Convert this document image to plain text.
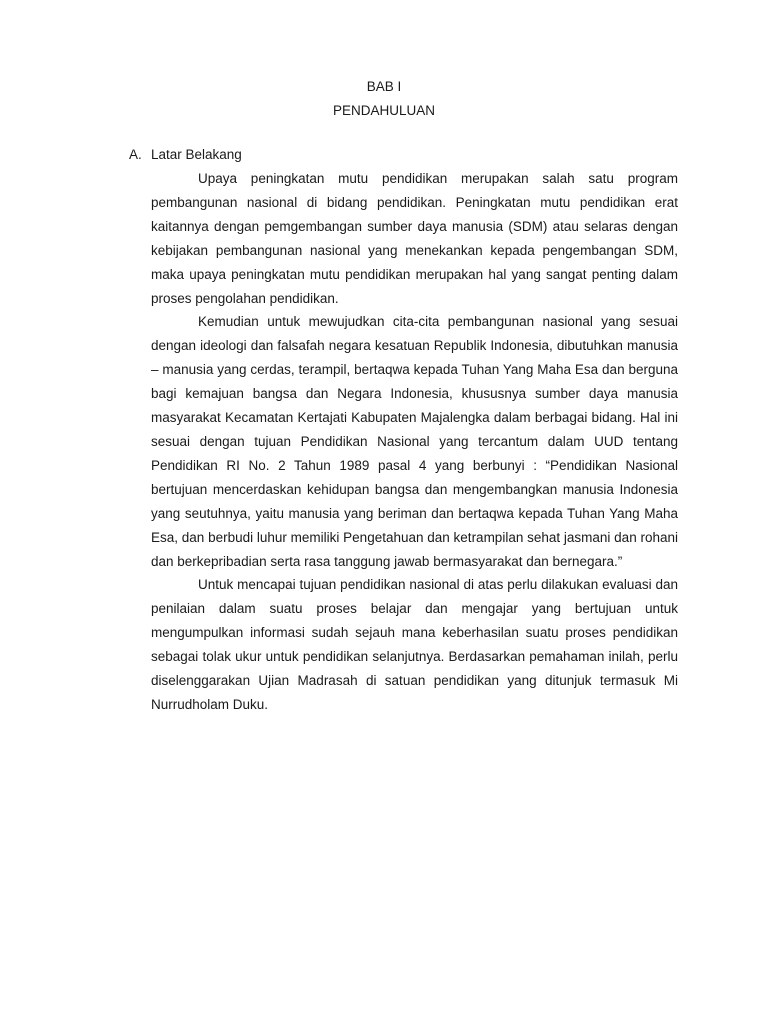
BAB I
PENDAHULUAN
A. Latar Belakang

Upaya peningkatan mutu pendidikan merupakan salah satu program pembangunan nasional di bidang pendidikan. Peningkatan mutu pendidikan erat kaitannya dengan pemgembangan sumber daya manusia (SDM) atau selaras dengan kebijakan pembangunan nasional yang menekankan kepada pengembangan SDM, maka upaya peningkatan mutu pendidikan merupakan hal yang sangat penting dalam proses pengolahan pendidikan.

Kemudian untuk mewujudkan cita-cita pembangunan nasional yang sesuai dengan ideologi dan falsafah negara kesatuan Republik Indonesia, dibutuhkan manusia – manusia yang cerdas, terampil, bertaqwa kepada Tuhan Yang Maha Esa dan berguna bagi kemajuan bangsa dan Negara Indonesia, khususnya sumber daya manusia masyarakat Kecamatan Kertajati Kabupaten Majalengka dalam berbagai bidang. Hal ini sesuai dengan tujuan Pendidikan Nasional yang tercantum dalam UUD tentang Pendidikan RI No. 2 Tahun 1989 pasal 4 yang berbunyi : “Pendidikan Nasional bertujuan mencerdaskan kehidupan bangsa dan mengembangkan manusia Indonesia yang seutuhnya, yaitu manusia yang beriman dan bertaqwa kepada Tuhan Yang Maha Esa, dan berbudi luhur memiliki Pengetahuan dan ketrampilan sehat jasmani dan rohani dan berkepribadian serta rasa tanggung jawab bermasyarakat dan bernegara.”

Untuk mencapai tujuan pendidikan nasional di atas perlu dilakukan evaluasi dan penilaian dalam suatu proses belajar dan mengajar yang bertujuan untuk mengumpulkan informasi sudah sejauh mana keberhasilan suatu proses pendidikan sebagai tolak ukur untuk pendidikan selanjutnya. Berdasarkan pemahaman inilah, perlu diselenggarakan Ujian Madrasah di satuan pendidikan yang ditunjuk termasuk Mi Nurrudholam Duku.
